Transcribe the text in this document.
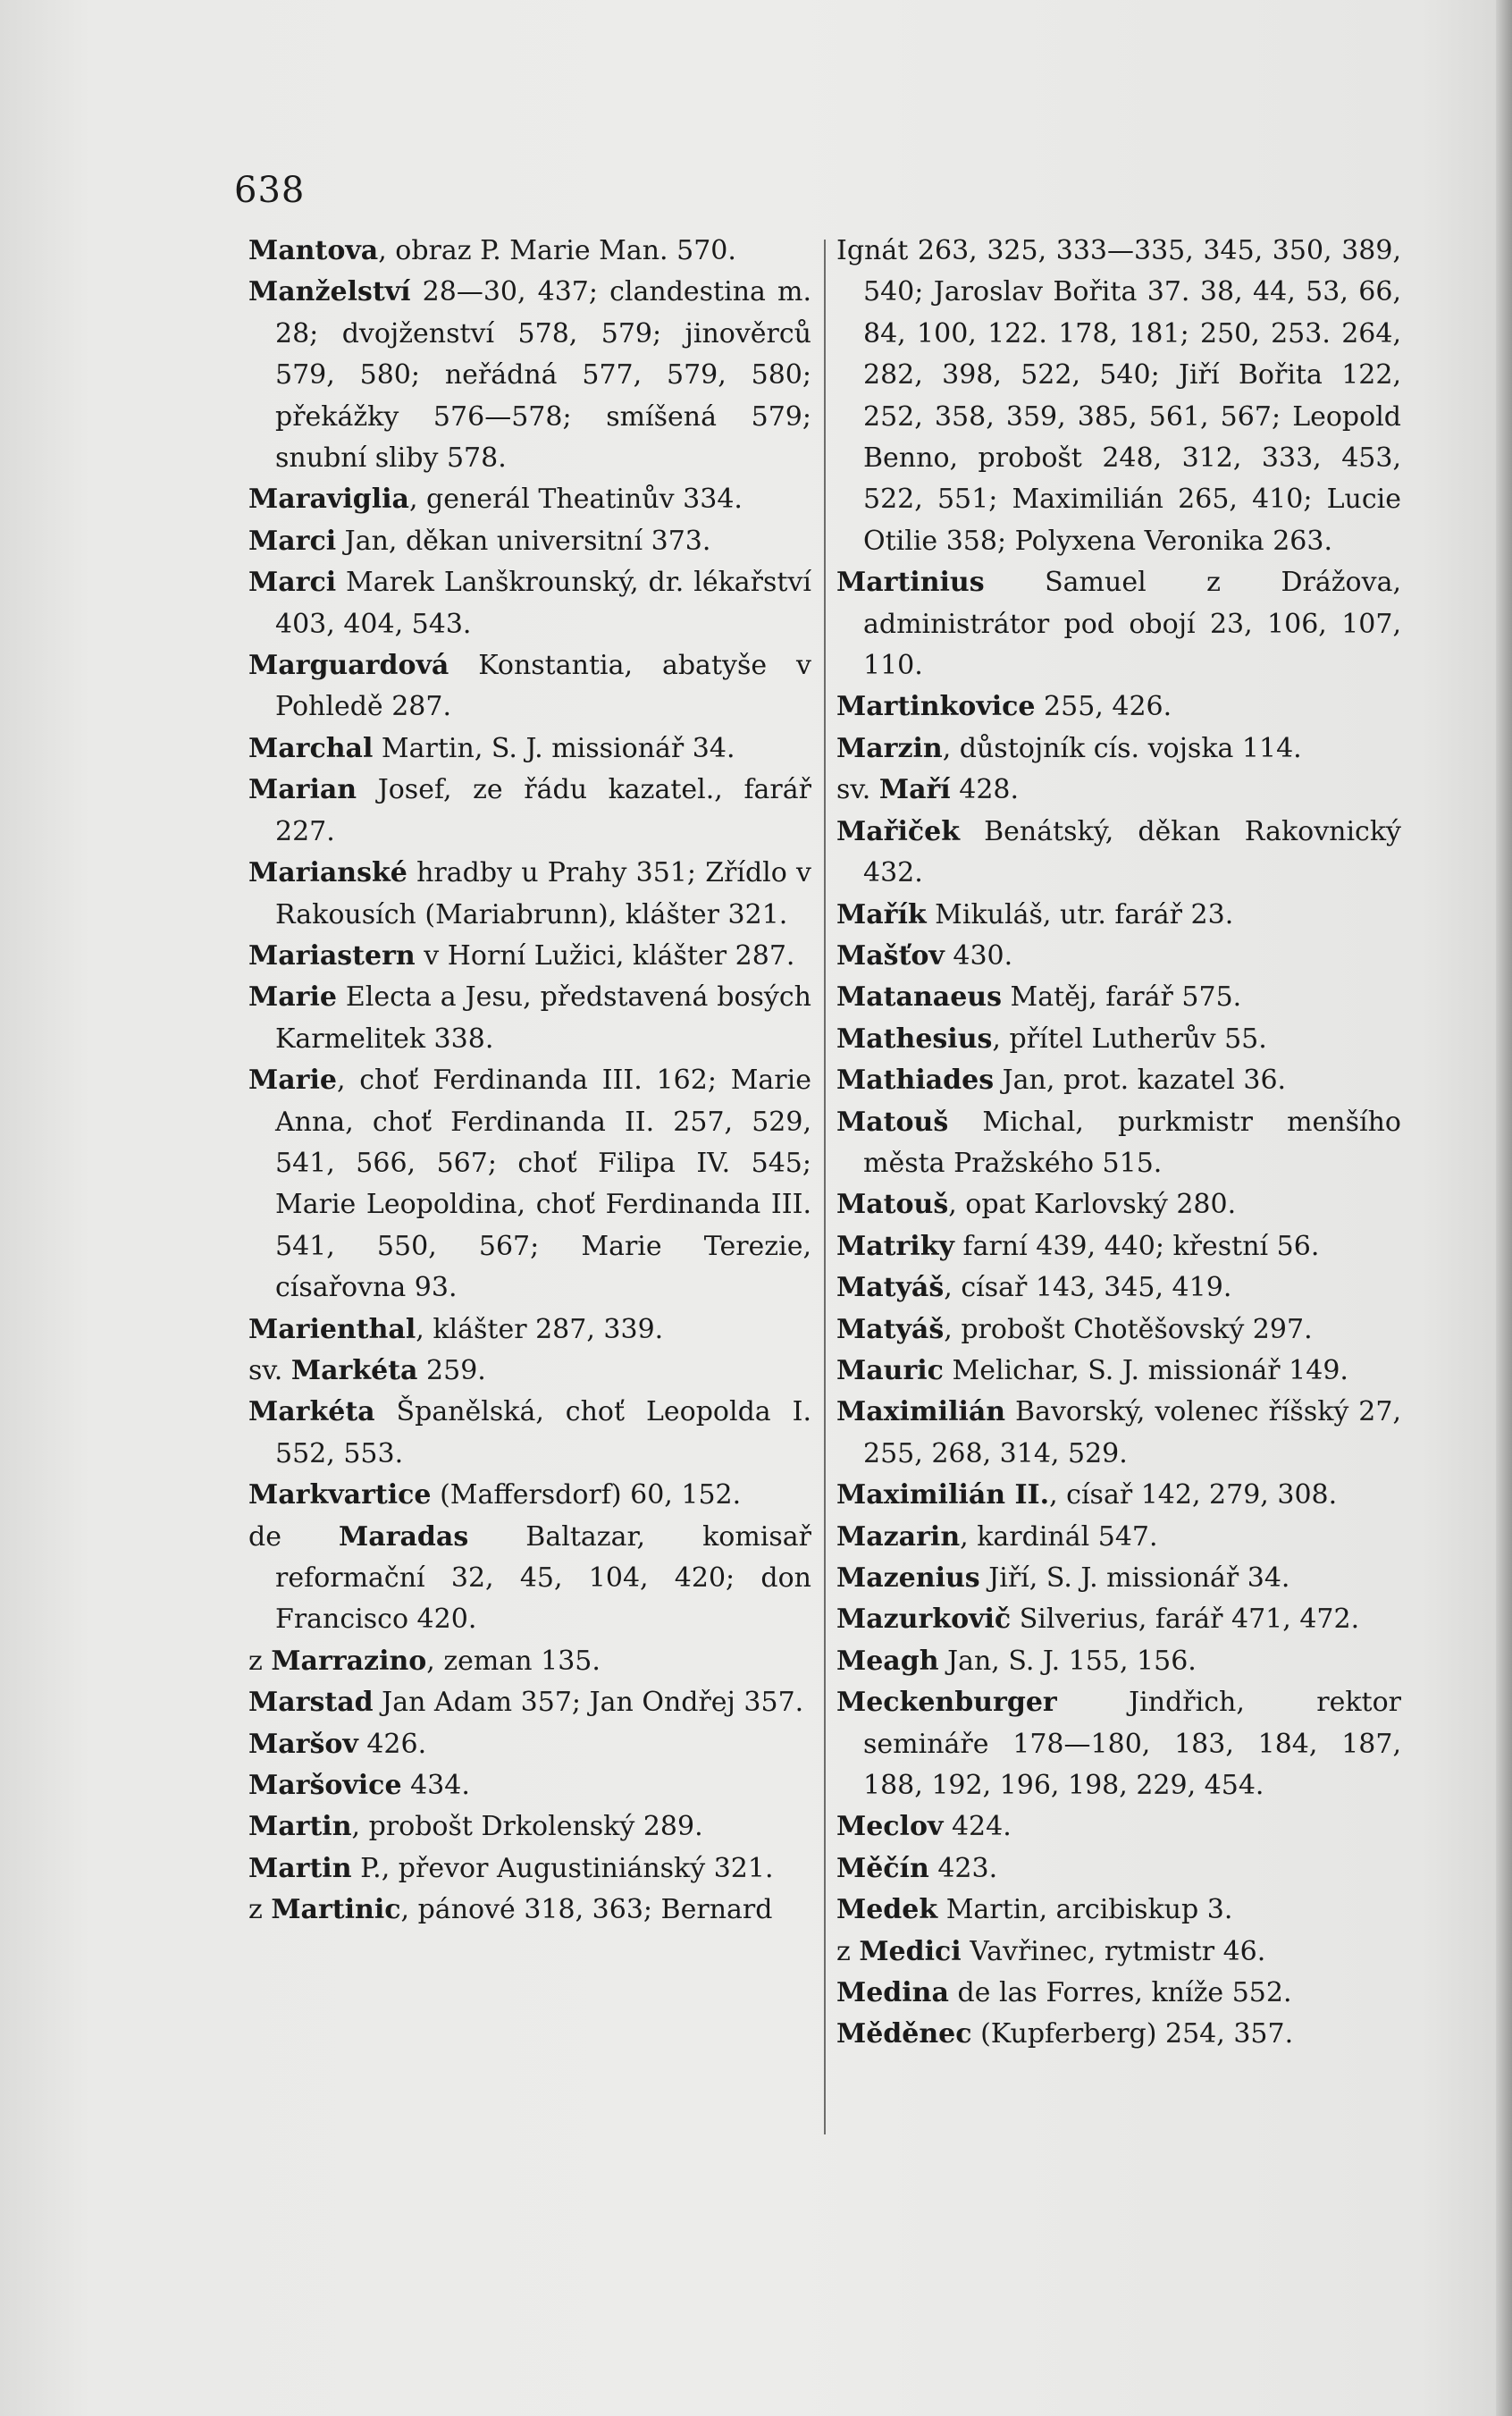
638

Mantova, obraz P. Marie Man. 570.

Manželství 28—30, 437; clandestina m. 28; dvojženství 578, 579; jinověrců 579, 580; neřádná 577, 579, 580; překážky 576—578; smíšená 579; snubní sliby 578.

Maraviglia, generál Theatinův 334.

Marci Jan, děkan universitní 373.

Marci Marek Lanškrounský, dr. lékařství 403, 404, 543.

Marguardová Konstantia, abatyše v Pohledě 287.

Marchal Martin, S. J. missionář 34.

Marian Josef, ze řádu kazatel., farář 227.

Marianské hradby u Prahy 351; Zřídlo v Rakousích (Mariabrunn), klášter 321.

Mariastern v Horní Lužici, klášter 287.

Marie Electa a Jesu, představená bosých Karmelitek 338.

Marie, choť Ferdinanda III. 162; Marie Anna, choť Ferdinanda II. 257, 529, 541, 566, 567; choť Filipa IV. 545; Marie Leopoldina, choť Ferdinanda III. 541, 550, 567; Marie Terezie, císařovna 93.

Marienthal, klášter 287, 339.

sv. Markéta 259.

Markéta Španělská, choť Leopolda I. 552, 553.

Markvartice (Maffersdorf) 60, 152.

de Maradas Baltazar, komisař reformační 32, 45, 104, 420; don Francisco 420.

z Marrazino, zeman 135.

Marstad Jan Adam 357; Jan Ondřej 357.

Maršov 426.

Maršovice 434.

Martin, probošt Drkolenský 289.

Martin P., převor Augustiniánský 321.

z Martinic, pánové 318, 363; Bernard

Ignát 263, 325, 333—335, 345, 350, 389, 540; Jaroslav Bořita 37. 38, 44, 53, 66, 84, 100, 122. 178, 181; 250, 253. 264, 282, 398, 522, 540; Jiří Bořita 122, 252, 358, 359, 385, 561, 567; Leopold Benno, probošt 248, 312, 333, 453, 522, 551; Maximilián 265, 410; Lucie Otilie 358; Polyxena Veronika 263.

Martinius Samuel z Drážova, administrátor pod obojí 23, 106, 107, 110.

Martinkovice 255, 426.

Marzin, důstojník cís. vojska 114.

sv. Maří 428.

Mařiček Benátský, děkan Rakovnický 432.

Mařík Mikuláš, utr. farář 23.

Mašťov 430.

Matanaeus Matěj, farář 575.

Mathesius, přítel Lutherův 55.

Mathiades Jan, prot. kazatel 36.

Matouš Michal, purkmistr menšího města Pražského 515.

Matouš, opat Karlovský 280.

Matriky farní 439, 440; křestní 56.

Matyáš, císař 143, 345, 419.

Matyáš, probošt Chotěšovský 297.

Mauric Melichar, S. J. missionář 149.

Maximilián Bavorský, volenec říšský 27, 255, 268, 314, 529.

Maximilián II., císař 142, 279, 308.

Mazarin, kardinál 547.

Mazenius Jiří, S. J. missionář 34.

Mazurkovič Silverius, farář 471, 472.

Meagh Jan, S. J. 155, 156.

Meckenburger Jindřich, rektor semináře 178—180, 183, 184, 187, 188, 192, 196, 198, 229, 454.

Meclov 424.

Měčín 423.

Medek Martin, arcibiskup 3.

z Medici Vavřinec, rytmistr 46.

Medina de las Forres, kníže 552.

Měděnec (Kupferberg) 254, 357.
